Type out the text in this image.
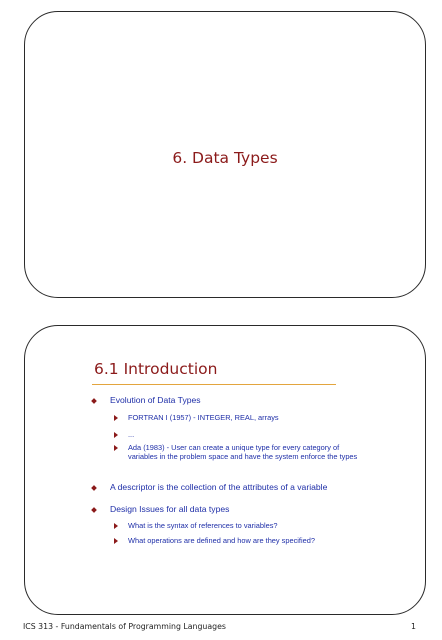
6. Data Types
6.1 Introduction
Evolution of Data Types
FORTRAN I (1957) - INTEGER, REAL, arrays
...
Ada (1983) - User can create a unique type for every category of variables in the problem space and have the system enforce the types
A descriptor is the collection of the attributes of a variable
Design Issues for all data types
What is the syntax of references to variables?
What operations are defined and how are they specified?
ICS 313 - Fundamentals of Programming Languages	1
